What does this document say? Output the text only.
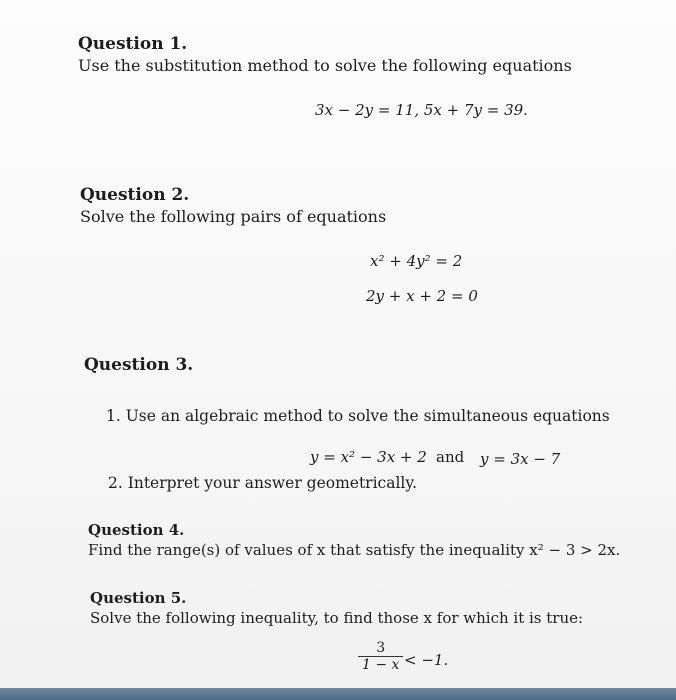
Question 1.
Use the substitution method to solve the following equations
3x − 2y = 11, 5x + 7y = 39.
Question 2.
Solve the following pairs of equations
x² + 4y² = 2
2y + x + 2 = 0
Question 3.
1. Use an algebraic method to solve the simultaneous equations
y = x² − 3x + 2 and y = 3x − 7
2. Interpret your answer geometrically.
Question 4.
Find the range(s) of values of x that satisfy the inequality x² − 3 > 2x.
Question 5.
Solve the following inequality, to find those x for which it is true:
$\frac{3}{1 - x} < -1$.
